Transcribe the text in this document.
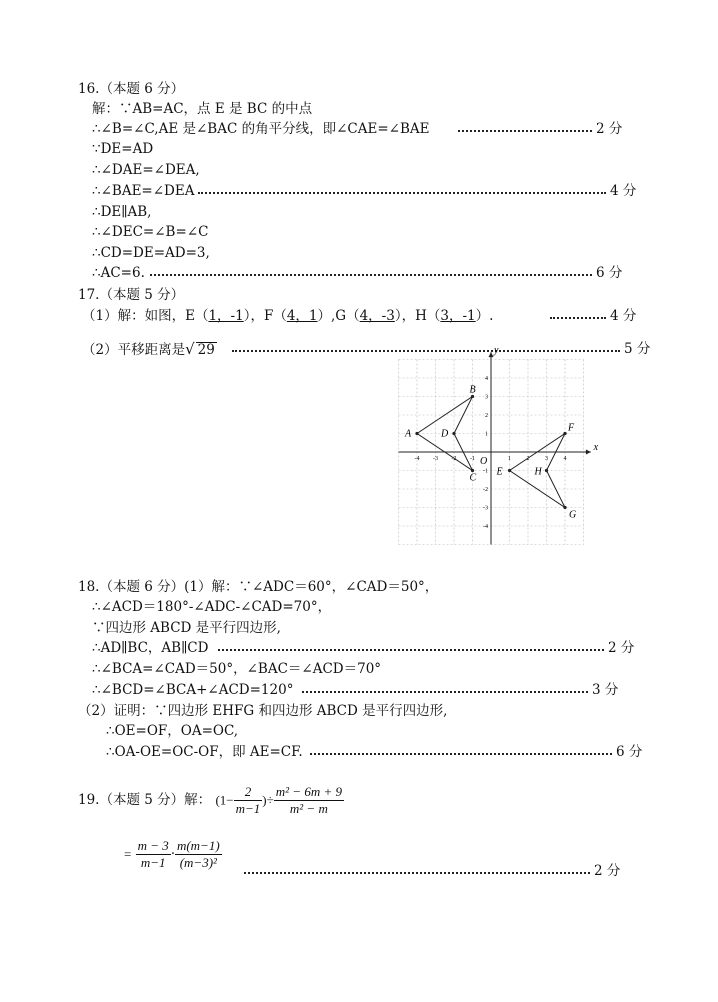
16.（本题 6 分）
解：∵AB=AC，点 E 是 BC 的中点
∴∠B=∠C,AE 是∠BAC 的角平分线，即∠CAE=∠BAE	2 分
∵DE=AD
∴∠DAE=∠DEA,
∴∠BAE=∠DEA	4 分
∴DE∥AB,
∴∠DEC=∠B=∠C
∴CD=DE=AD=3,
∴AC=6.	6 分
17.（本题 5 分）
（1）解：如图，E（1，-1），F（4，1）,G（4，-3），H（3，-1）.	4 分
（2）平移距离是√ 29	5 分
x
y
O
-4 -3 -2 -1	1	2	3	4
4
3
2
1
-1
-2
-3
-4
A
B
C
D
E
F
G
H
18.（本题 6 分）(1）解：∵∠ADC＝60°，∠CAD＝50°，
∴∠ACD＝180°-∠ADC-∠CAD=70°，
∵四边形 ABCD 是平行四边形,
∴AD∥BC，AB∥CD	2 分
∴∠BCA=∠CAD＝50°，∠BAC＝∠ACD＝70°
∴∠BCD=∠BCA+∠ACD=120°	3 分
（2）证明：∵四边形 EHFG 和四边形 ABCD 是平行四边形,
∴OE=OF，OA=OC,
∴OA-OE=OC-OF，即 AE=CF.	6 分
19.（本题 5 分）解： ($1- \frac{2}{m-1}$ )÷ $\frac{\text{m² − 6m + 9}}{\text{m² − m}}$
= $\frac{m - 3}{m-1} \cdot \frac{m(m-1)}{\text{(m−3)²}}$	2 分
